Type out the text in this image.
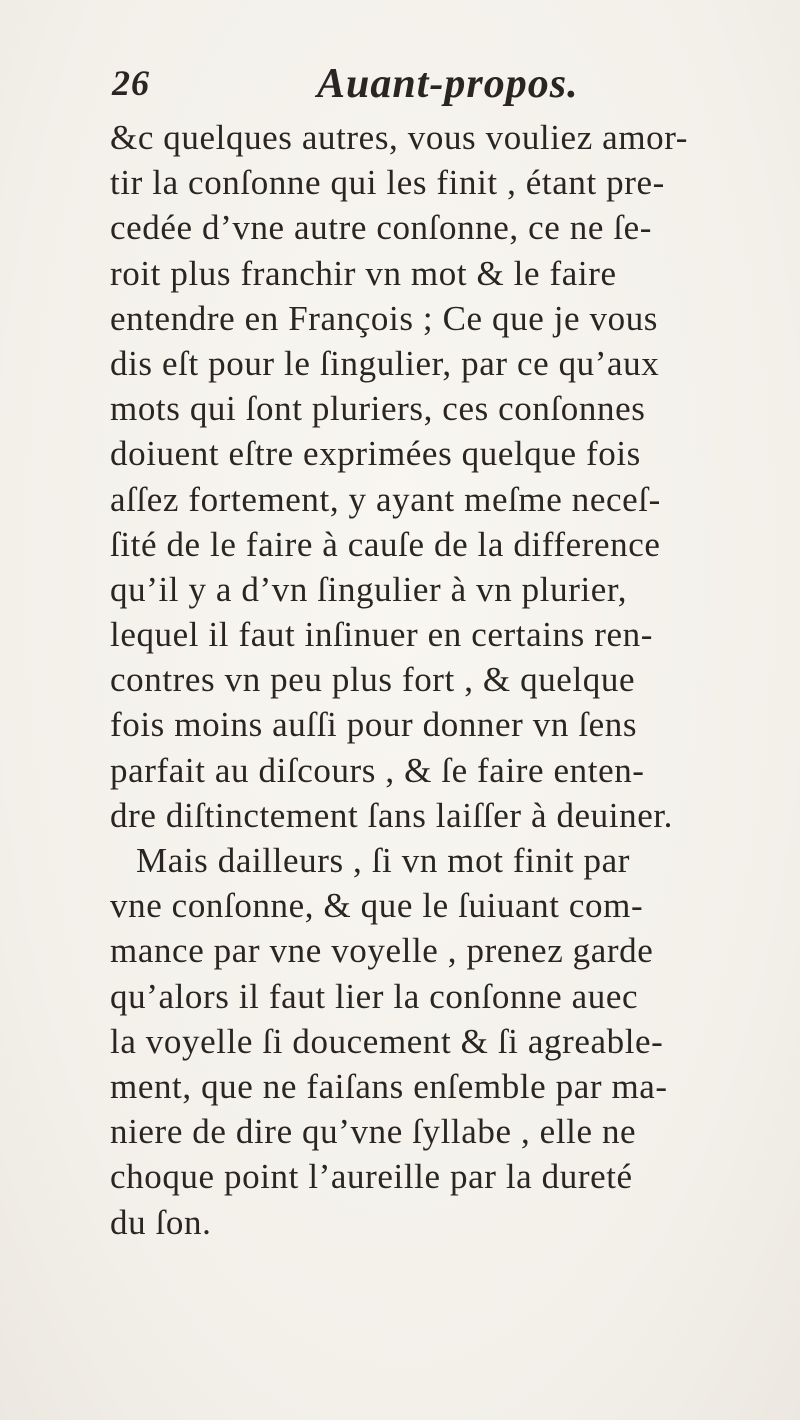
26	Auant-propos.
&c quelques autres, vous vouliez amor-
tir la conſonne qui les finit , étant pre-
cedée d’vne autre conſonne, ce ne ſe-
roit plus franchir vn mot & le faire
entendre en François ; Ce que je vous
dis eſt pour le ſingulier, par ce qu’aux
mots qui ſont pluriers, ces conſonnes
doiuent eſtre exprimées quelque fois
aſſez fortement, y ayant meſme neceſ-
ſité de le faire à cauſe de la difference
qu’il y a d’vn ſingulier à vn plurier,
lequel il faut inſinuer en certains ren-
contres vn peu plus fort , & quelque
fois moins auſſi pour donner vn ſens
parfait au diſcours , & ſe faire enten-
dre diſtinctement ſans laiſſer à deuiner.
Mais dailleurs , ſi vn mot finit par
vne conſonne, & que le ſuiuant com-
mance par vne voyelle , prenez garde
qu’alors il faut lier la conſonne auec
la voyelle ſi doucement & ſi agreable-
ment, que ne faiſans enſemble par ma-
niere de dire qu’vne ſyllabe , elle ne
choque point l’aureille par la dureté
du ſon.
